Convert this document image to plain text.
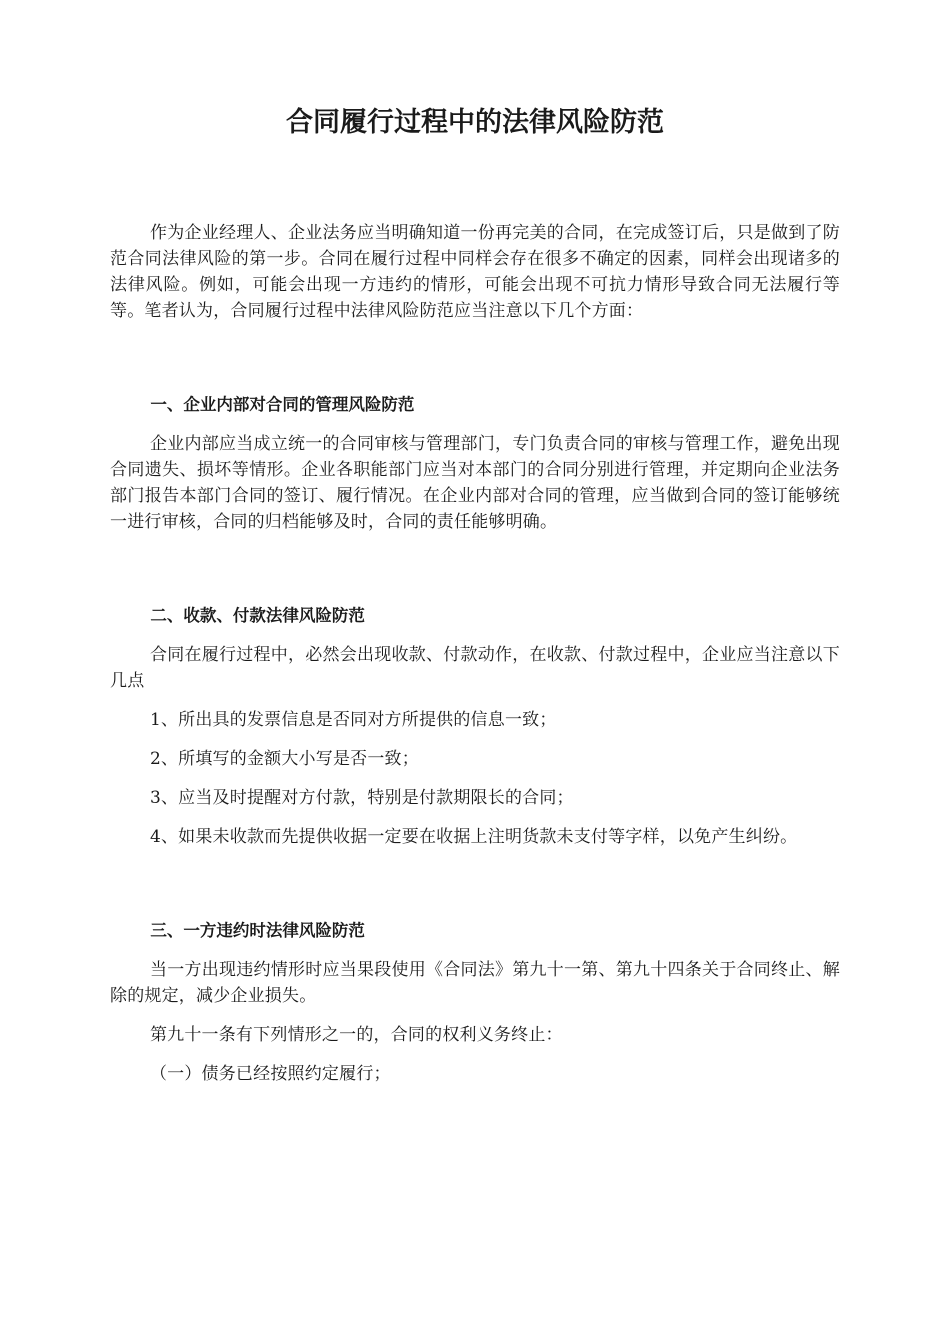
合同履行过程中的法律风险防范

作为企业经理人、企业法务应当明确知道一份再完美的合同，在完成签订后，只是做到了防范合同法律风险的第一步。合同在履行过程中同样会存在很多不确定的因素，同样会出现诸多的法律风险。例如，可能会出现一方违约的情形，可能会出现不可抗力情形导致合同无法履行等等。笔者认为，合同履行过程中法律风险防范应当注意以下几个方面：

一、企业内部对合同的管理风险防范

企业内部应当成立统一的合同审核与管理部门，专门负责合同的审核与管理工作，避免出现合同遗失、损坏等情形。企业各职能部门应当对本部门的合同分别进行管理，并定期向企业法务部门报告本部门合同的签订、履行情况。在企业内部对合同的管理，应当做到合同的签订能够统一进行审核，合同的归档能够及时，合同的责任能够明确。

二、收款、付款法律风险防范

合同在履行过程中，必然会出现收款、付款动作，在收款、付款过程中，企业应当注意以下几点

1、所出具的发票信息是否同对方所提供的信息一致；

2、所填写的金额大小写是否一致；

3、应当及时提醒对方付款，特别是付款期限长的合同；

4、如果未收款而先提供收据一定要在收据上注明货款未支付等字样，以免产生纠纷。

三、一方违约时法律风险防范

当一方出现违约情形时应当果段使用《合同法》第九十一第、第九十四条关于合同终止、解除的规定，减少企业损失。

第九十一条有下列情形之一的，合同的权利义务终止：

（一）债务已经按照约定履行；
